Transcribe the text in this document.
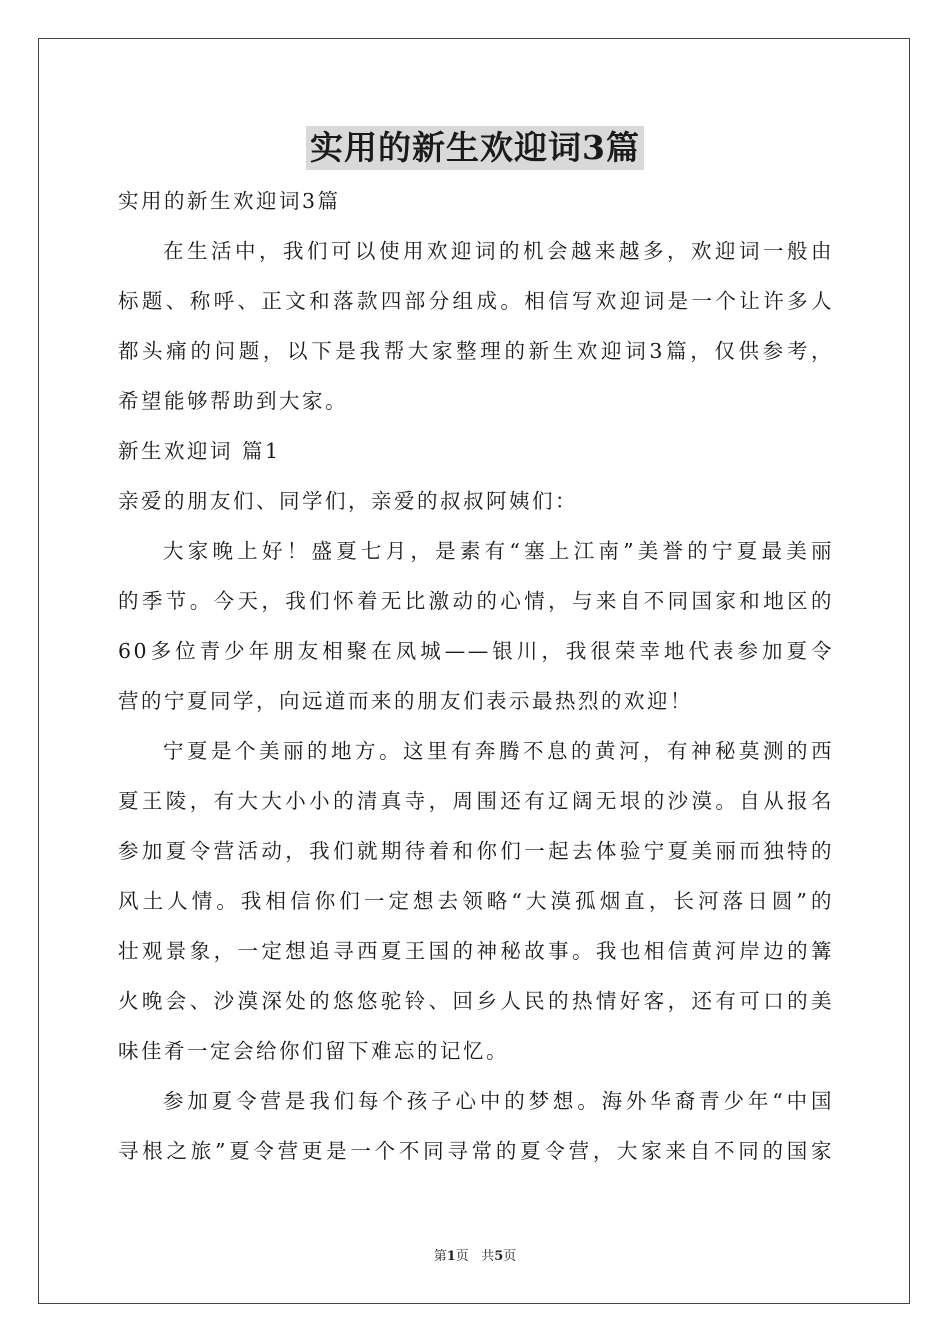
实用的新生欢迎词3篇
实用的新生欢迎词3篇
在生活中，我们可以使用欢迎词的机会越来越多，欢迎词一般由
标题、称呼、正文和落款四部分组成。相信写欢迎词是一个让许多人
都头痛的问题，以下是我帮大家整理的新生欢迎词3篇，仅供参考，
希望能够帮助到大家。
新生欢迎词 篇1
亲爱的朋友们、同学们，亲爱的叔叔阿姨们：
大家晚上好！盛夏七月，是素有“塞上江南”美誉的宁夏最美丽
的季节。今天，我们怀着无比激动的心情，与来自不同国家和地区的
60多位青少年朋友相聚在凤城——银川，我很荣幸地代表参加夏令
营的宁夏同学，向远道而来的朋友们表示最热烈的欢迎！
宁夏是个美丽的地方。这里有奔腾不息的黄河，有神秘莫测的西
夏王陵，有大大小小的清真寺，周围还有辽阔无垠的沙漠。自从报名
参加夏令营活动，我们就期待着和你们一起去体验宁夏美丽而独特的
风土人情。我相信你们一定想去领略“大漠孤烟直，长河落日圆”的
壮观景象，一定想追寻西夏王国的神秘故事。我也相信黄河岸边的篝
火晚会、沙漠深处的悠悠驼铃、回乡人民的热情好客，还有可口的美
味佳肴一定会给你们留下难忘的记忆。
参加夏令营是我们每个孩子心中的梦想。海外华裔青少年“中国
寻根之旅”夏令营更是一个不同寻常的夏令营，大家来自不同的国家
第1页 共5页
